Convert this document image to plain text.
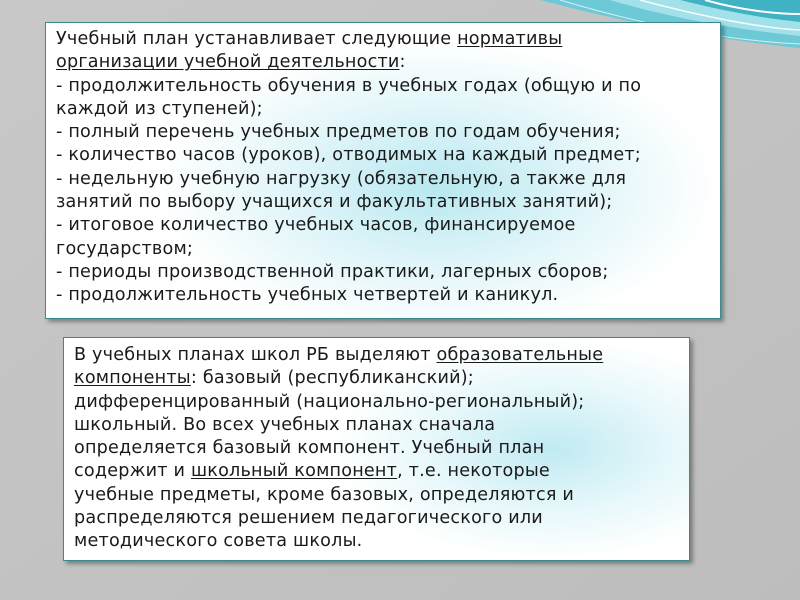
Учебный план устанавливает следующие нормативы
организации учебной деятельности:
- продолжительность обучения в учебных годах (общую и по
каждой из ступеней);
- полный перечень учебных предметов по годам обучения;
- количество часов (уроков), отводимых на каждый предмет;
- недельную учебную нагрузку (обязательную, а также для
занятий по выбору учащихся и факультативных занятий);
- итоговое количество учебных часов, финансируемое
государством;
- периоды производственной практики, лагерных сборов;
- продолжительность учебных четвертей и каникул.
В учебных планах школ РБ выделяют образовательные
компоненты: базовый (республиканский);
дифференцированный (национально-региональный);
школьный. Во всех учебных планах сначала
определяется базовый компонент. Учебный план
содержит и школьный компонент, т.е. некоторые
учебные предметы, кроме базовых, определяются и
распределяются решением педагогического или
методического совета школы.
